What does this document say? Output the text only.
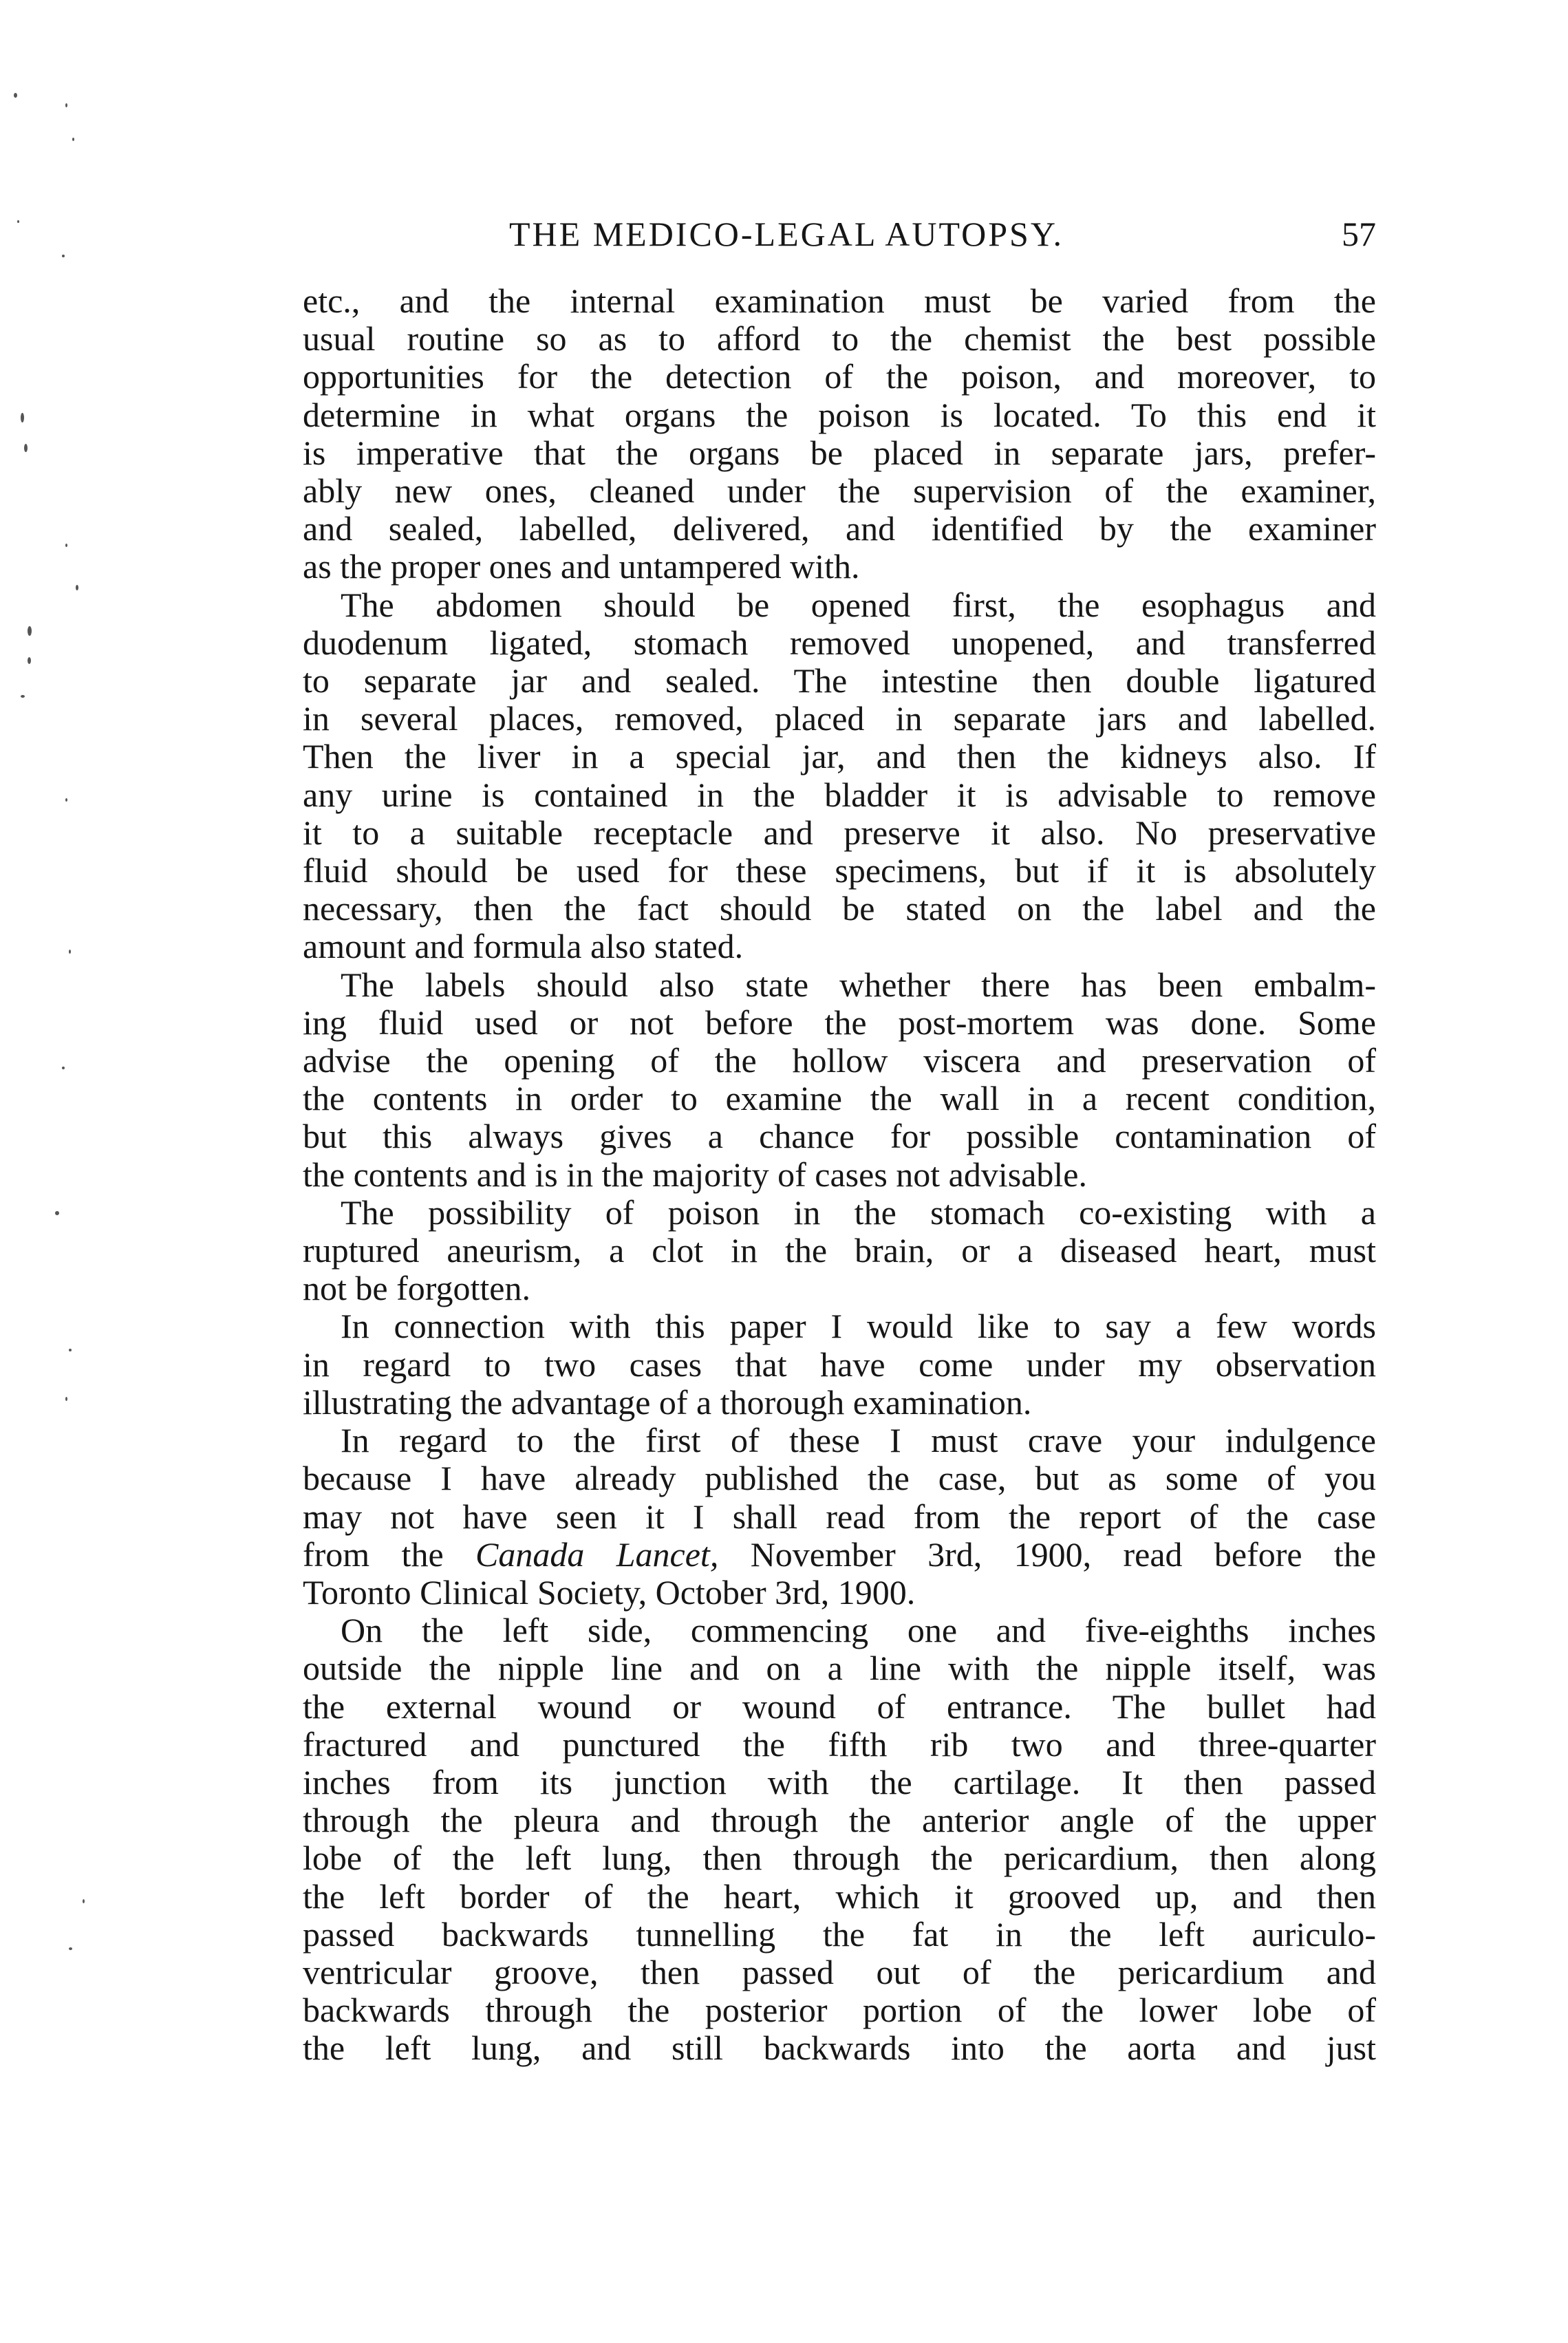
THE MEDICO-LEGAL AUTOPSY.	57
etc., and the internal examination must be varied from the
usual routine so as to afford to the chemist the best possible
opportunities for the detection of the poison, and moreover, to
determine in what organs the poison is located. To this end it
is imperative that the organs be placed in separate jars, prefer-
ably new ones, cleaned under the supervision of the examiner,
and sealed, labelled, delivered, and identified by the examiner
as the proper ones and untampered with.
The abdomen should be opened first, the esophagus and
duodenum ligated, stomach removed unopened, and transferred
to separate jar and sealed. The intestine then double ligatured
in several places, removed, placed in separate jars and labelled.
Then the liver in a special jar, and then the kidneys also. If
any urine is contained in the bladder it is advisable to remove
it to a suitable receptacle and preserve it also. No preservative
fluid should be used for these specimens, but if it is absolutely
necessary, then the fact should be stated on the label and the
amount and formula also stated.
The labels should also state whether there has been embalm-
ing fluid used or not before the post-mortem was done. Some
advise the opening of the hollow viscera and preservation of
the contents in order to examine the wall in a recent condition,
but this always gives a chance for possible contamination of
the contents and is in the majority of cases not advisable.
The possibility of poison in the stomach co-existing with a
ruptured aneurism, a clot in the brain, or a diseased heart, must
not be forgotten.
In connection with this paper I would like to say a few words
in regard to two cases that have come under my observation
illustrating the advantage of a thorough examination.
In regard to the first of these I must crave your indulgence
because I have already published the case, but as some of you
may not have seen it I shall read from the report of the case
from the Canada Lancet, November 3rd, 1900, read before the
Toronto Clinical Society, October 3rd, 1900.
On the left side, commencing one and five-eighths inches
outside the nipple line and on a line with the nipple itself, was
the external wound or wound of entrance. The bullet had
fractured and punctured the fifth rib two and three-quarter
inches from its junction with the cartilage. It then passed
through the pleura and through the anterior angle of the upper
lobe of the left lung, then through the pericardium, then along
the left border of the heart, which it grooved up, and then
passed backwards tunnelling the fat in the left auriculo-
ventricular groove, then passed out of the pericardium and
backwards through the posterior portion of the lower lobe of
the left lung, and still backwards into the aorta and just
